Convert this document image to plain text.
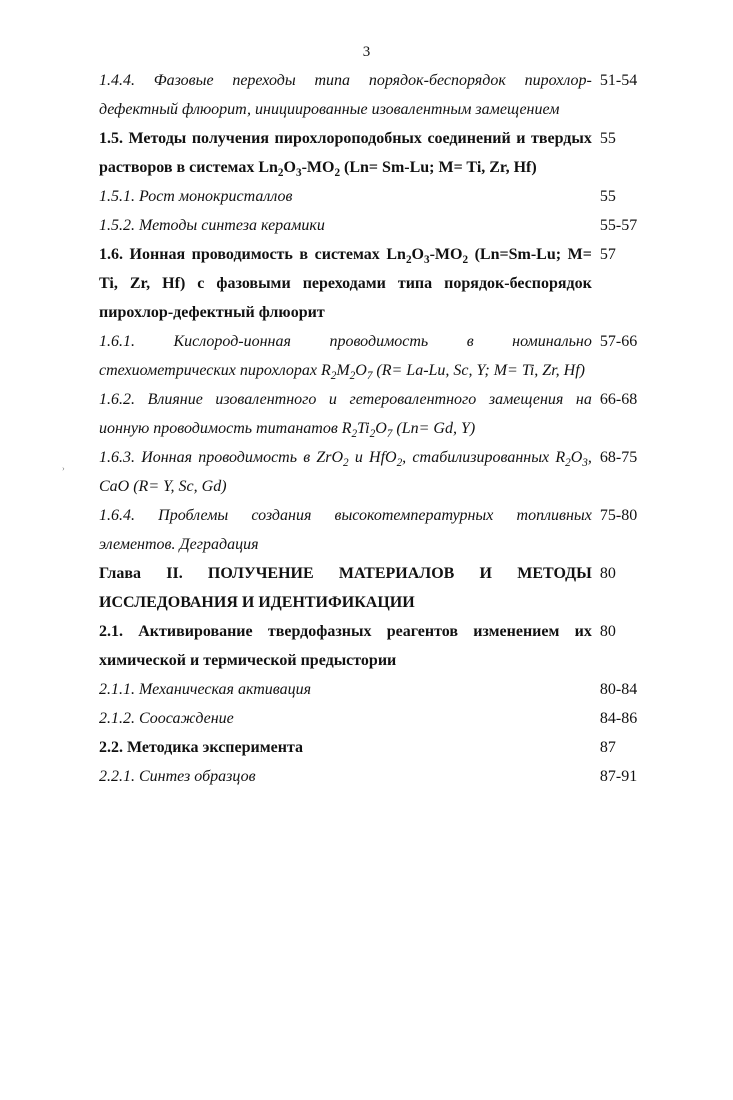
3
›
1.4.4. Фазовые переходы типа порядок-беспорядок пирохлор-дефектный флюорит, инициированные изовалентным замещением
51-54
1.5. Методы получения пирохлороподобных соединений и твердых растворов в системах $Ln_2O_3-MO_2$ (Ln= Sm-Lu; M= Ti, Zr, Hf)
55
1.5.1. Рост монокристаллов	55
1.5.2. Методы синтеза керамики	55-57
1.6. Ионная проводимость в системах $Ln_2O_3-MO_2$ (Ln=Sm-Lu; M= Ti, Zr, Hf) с фазовыми переходами типа порядок-беспорядок пирохлор-дефектный флюорит
57
1.6.1. Кислород-ионная проводимость в номинально стехиометрических пирохлорах $R_2M_2O_7$ (R= La-Lu, Sc, Y; M= Ti, Zr, Hf)
57-66
1.6.2. Влияние изовалентного и гетеровалентного замещения на ионную проводимость титанатов $R_2Ti_2O_7$ (Ln= Gd, Y)
66-68
1.6.3. Ионная проводимость в ZrO$_2$ и HfO$_2$, стабилизированных $R_2O_3$, CaO (R= Y, Sc, Gd)
68-75
1.6.4. Проблемы создания высокотемпературных топливных элементов. Деградация
75-80
Глава II. ПОЛУЧЕНИЕ МАТЕРИАЛОВ И МЕТОДЫ ИССЛЕДОВАНИЯ И ИДЕНТИФИКАЦИИ
80
2.1. Активирование твердофазных реагентов изменением их химической и термической предыстории
80
2.1.1. Механическая активация	80-84
2.1.2. Соосаждение	84-86
2.2. Методика эксперимента	87
2.2.1. Синтез образцов	87-91
